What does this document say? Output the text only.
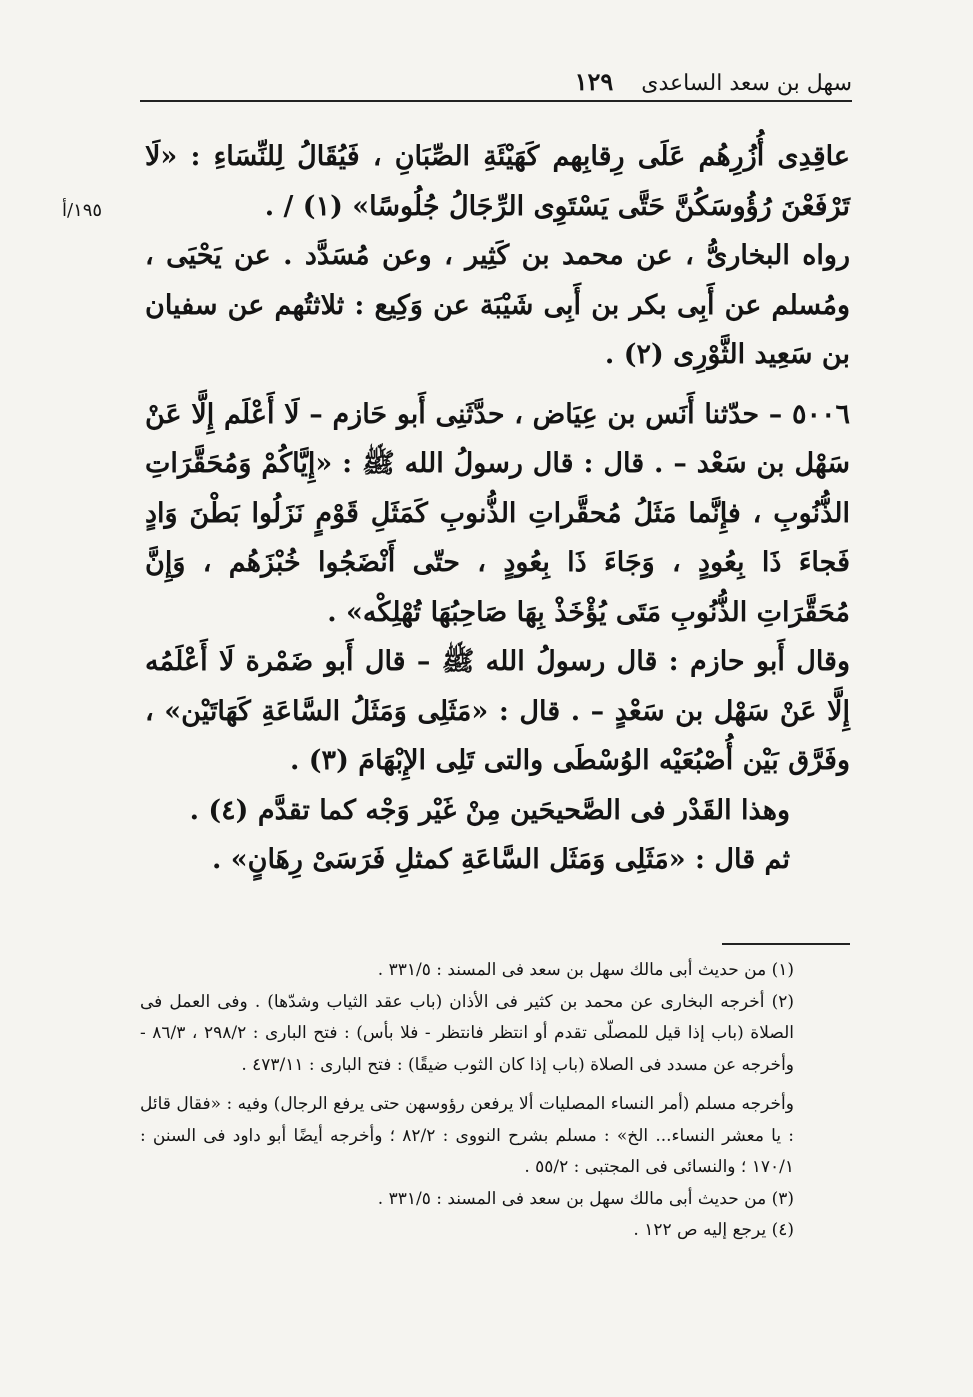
سهل بن سعد الساعدى
١٢٩
١٩٥/أ

عاقِدِى أُزُرِهُم عَلَى رِقابِهم كَهَيْئَةِ الصِّبَانِ ، فَيُقَالُ لِلنِّسَاءِ : «لَا تَرْفَعْنَ رُؤُوسَكُنَّ حَتَّى يَسْتَوِى الرِّجَالُ جُلُوسًا» (١) / .

رواه البخارىُّ ، عن محمد بن كَثِير ، وعن مُسَدَّد . عن يَحْيَى ، ومُسلم عن أَبِى بكر بن أَبِى شَيْبَة عن وَكِيع : ثلاثتُهم عن سفيان بن سَعِيد الثَّوْرِى (٢) .

٥٠٠٦ – حدّثنا أَنَس بن عِيَاض ، حدَّثَنِى أَبو حَازم – لَا أَعْلَم إِلَّا عَنْ سَهْل بن سَعْد – . قال : قال رسولُ الله ﷺ : «إِيَّاكُمْ وَمُحَقَّرَاتِ الذُّنُوبِ ، فإِنَّما مَثَلُ مُحقَّراتِ الذُّنوبِ كَمَثَلِ قَوْمٍ نَزَلُوا بَطْنَ وَادٍ فَجاءَ ذَا بِعُودٍ ، وَجَاءَ ذَا بِعُودٍ ، حتّى أَنْضَجُوا خُبْزَهُم ، وَإِنَّ مُحَقَّرَاتِ الذُّنُوبِ مَتَى يُؤْخَذْ بِهَا صَاحِبُهَا تُهْلِكْه» .

وقال أَبو حازم : قال رسولُ الله ﷺ – قال أَبو ضَمْرة لَا أَعْلَمُه إِلَّا عَنْ سَهْل بن سَعْدٍ – . قال : «مَثَلِى وَمَثَلُ السَّاعَةِ كَهَاتَيْن» ، وفَرَّق بَيْن أُصْبُعَيْه الوُسْطَى والتى تَلِى الإِبْهَامَ (٣) .

وهذا القَدْر فى الصَّحيحَين مِنْ غَيْر وَجْه كما تقدَّم (٤) .

ثم قال : «مَثَلِى وَمَثَل السَّاعَةِ كمثلِ فَرَسَىْ رِهَانٍ» .

(١) من حديث أبى مالك سهل بن سعد فى المسند : ٣٣١/٥ .

(٢) أخرجه البخارى عن محمد بن كثير فى الأذان (باب عقد الثياب وشدّها) . وفى العمل فى الصلاة (باب إذا قيل للمصلّى تقدم أو انتظر فانتظر - فلا بأس) : فتح البارى : ٢٩٨/٢ ، ٨٦/٣ - وأخرجه عن مسدد فى الصلاة (باب إذا كان الثوب ضيقًا) : فتح البارى : ٤٧٣/١١ .

وأخرجه مسلم (أمر النساء المصليات ألا يرفعن رؤوسهن حتى يرفع الرجال) وفيه : «فقال قائل : يا معشر النساء... الخ» : مسلم بشرح النووى : ٨٢/٢ ؛ وأخرجه أيضًا أبو داود فى السنن : ١٧٠/١ ؛ والنسائى فى المجتبى : ٥٥/٢ .

(٣) من حديث أبى مالك سهل بن سعد فى المسند : ٣٣١/٥ .

(٤) يرجع إليه ص ١٢٢ .
